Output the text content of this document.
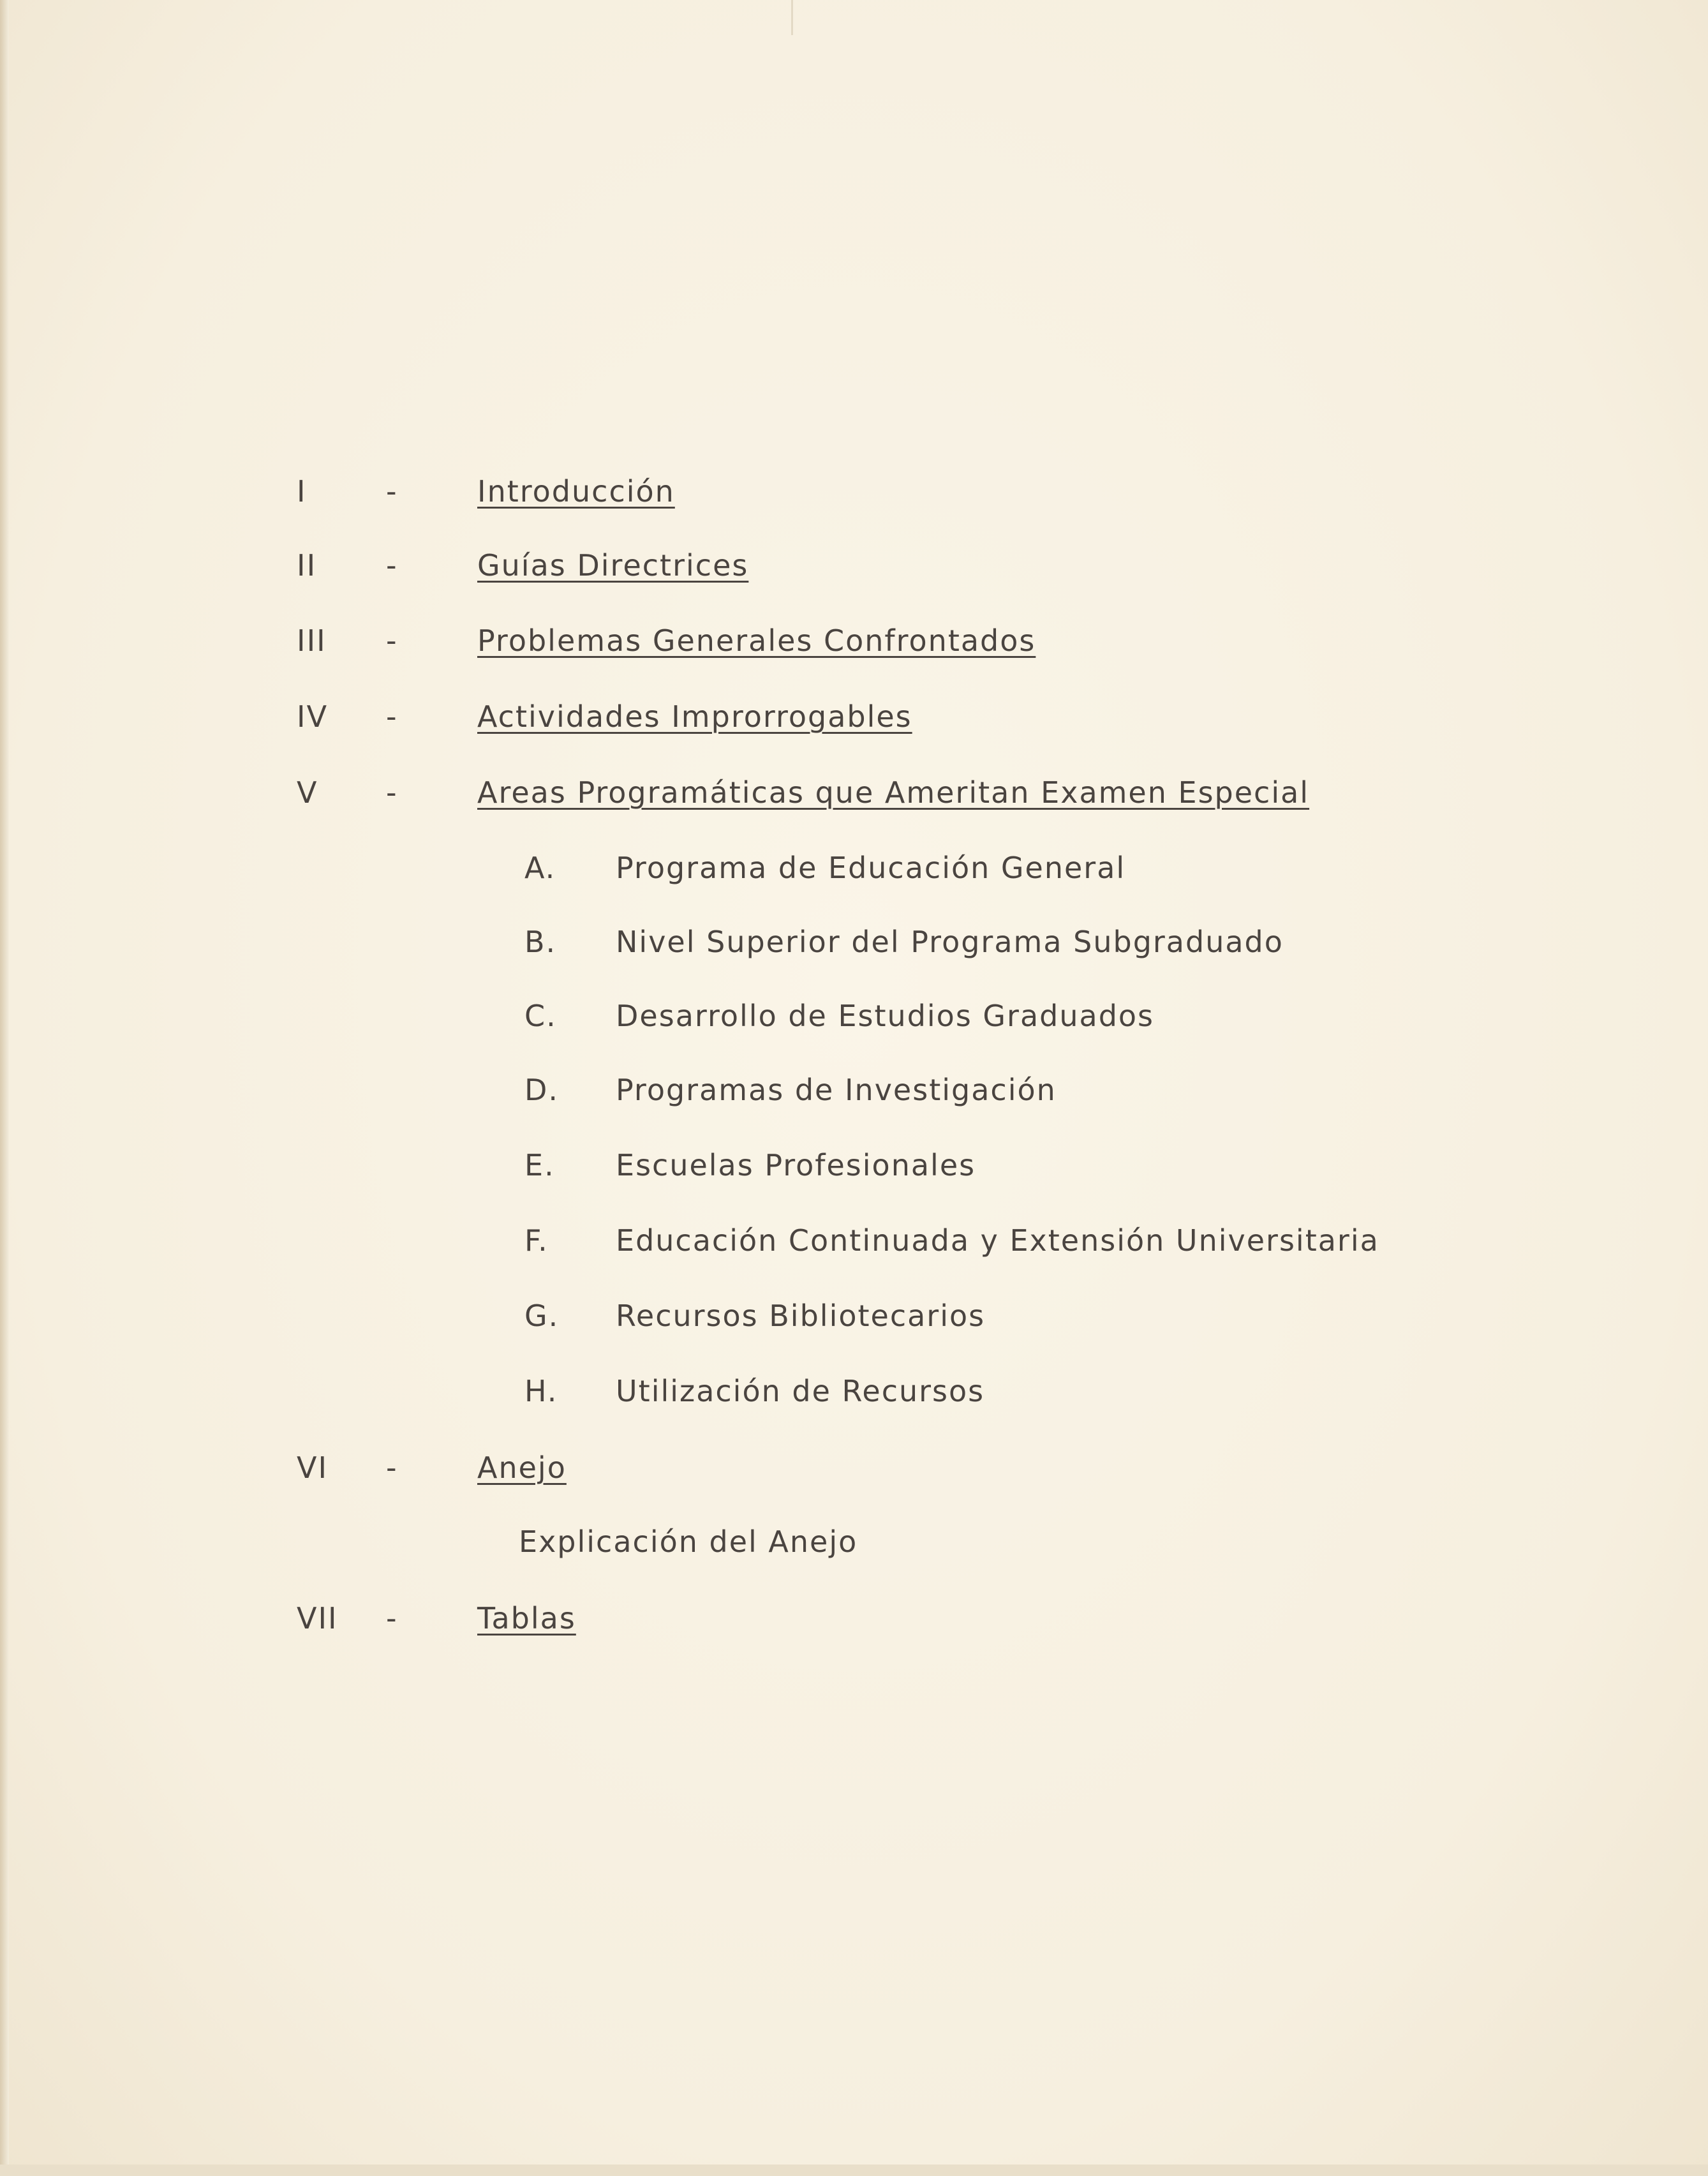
I	-	Introducción
II -	Guías Directrices
III -	Problemas Generales Confrontados
IV -	Actividades Improrrogables
V -	Areas Programáticas que Ameritan Examen Especial
A. Programa de Educación General
B. Nivel Superior del Programa Subgraduado
C. Desarrollo de Estudios Graduados
D. Programas de Investigación
E. Escuelas Profesionales
F. Educación Continuada y Extensión Universitaria
G. Recursos Bibliotecarios
H. Utilización de Recursos
VI -	Anejo
Explicación del Anejo
VII -	Tablas
